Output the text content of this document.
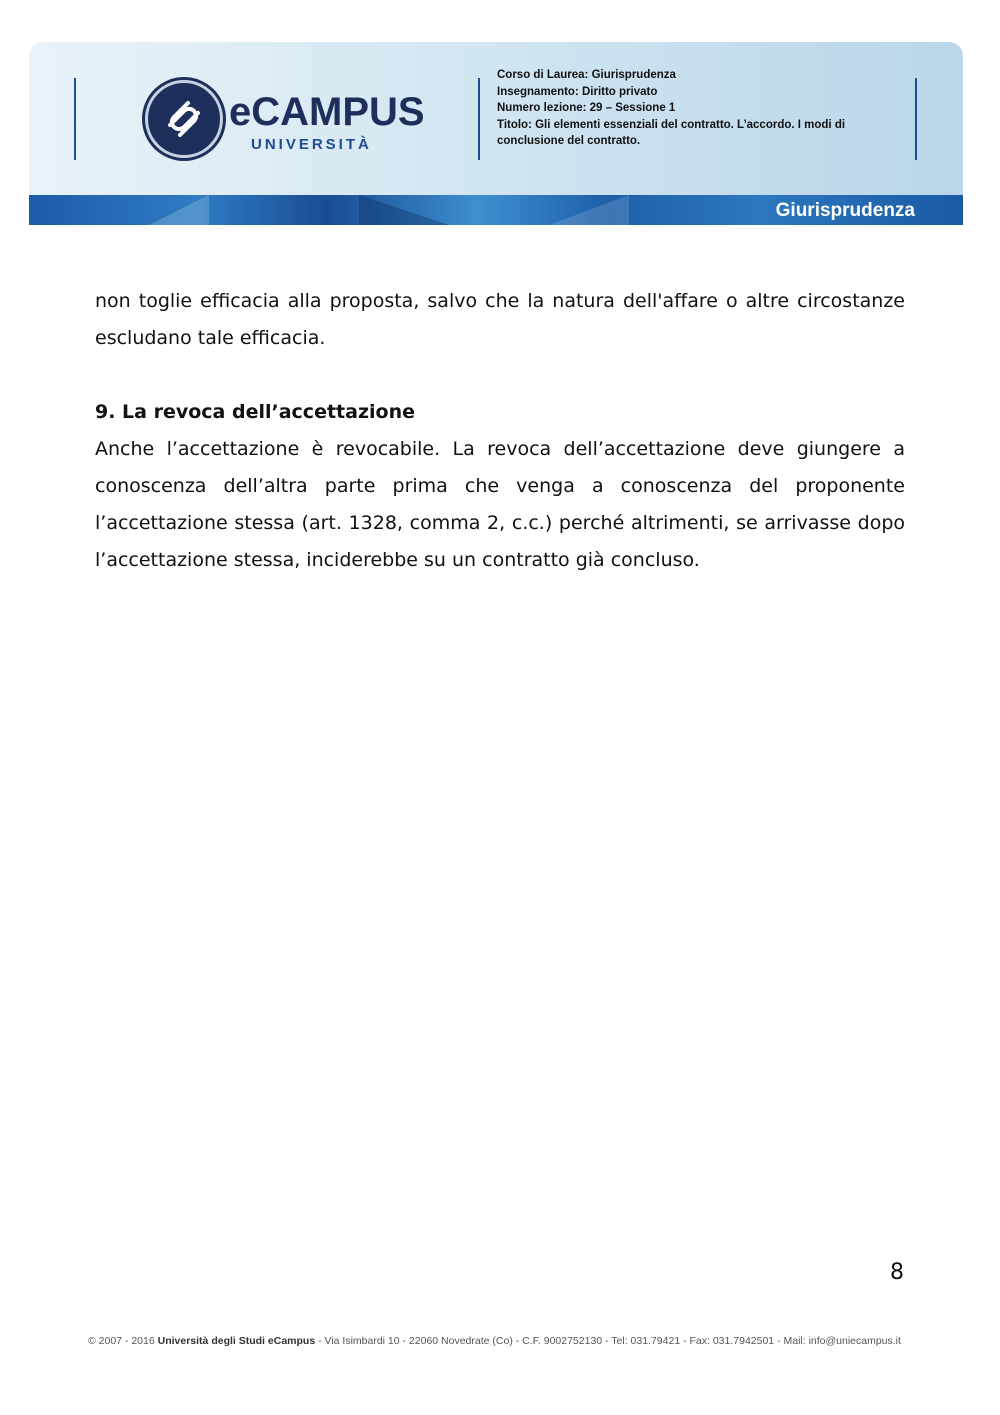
eCAMPUS
UNIVERSITÀ
Corso di Laurea: Giurisprudenza
Insegnamento: Diritto privato
Numero lezione: 29 – Sessione 1
Titolo: Gli elementi essenziali del contratto. L’accordo. I modi di conclusione del contratto.
Giurisprudenza

non toglie efficacia alla proposta, salvo che la natura dell'affare o altre circostanze escludano tale efficacia.

9. La revoca dell’accettazione

Anche l’accettazione è revocabile. La revoca dell’accettazione deve giungere a conoscenza dell’altra parte prima che venga a conoscenza del proponente l’accettazione stessa (art. 1328, comma 2, c.c.) perché altrimenti, se arrivasse dopo l’accettazione stessa, inciderebbe su un contratto già concluso.

8
© 2007 - 2016 Università degli Studi eCampus - Via Isimbardi 10 - 22060 Novedrate (Co) - C.F. 9002752130 - Tel: 031.79421 - Fax: 031.7942501 - Mail: info@uniecampus.it
